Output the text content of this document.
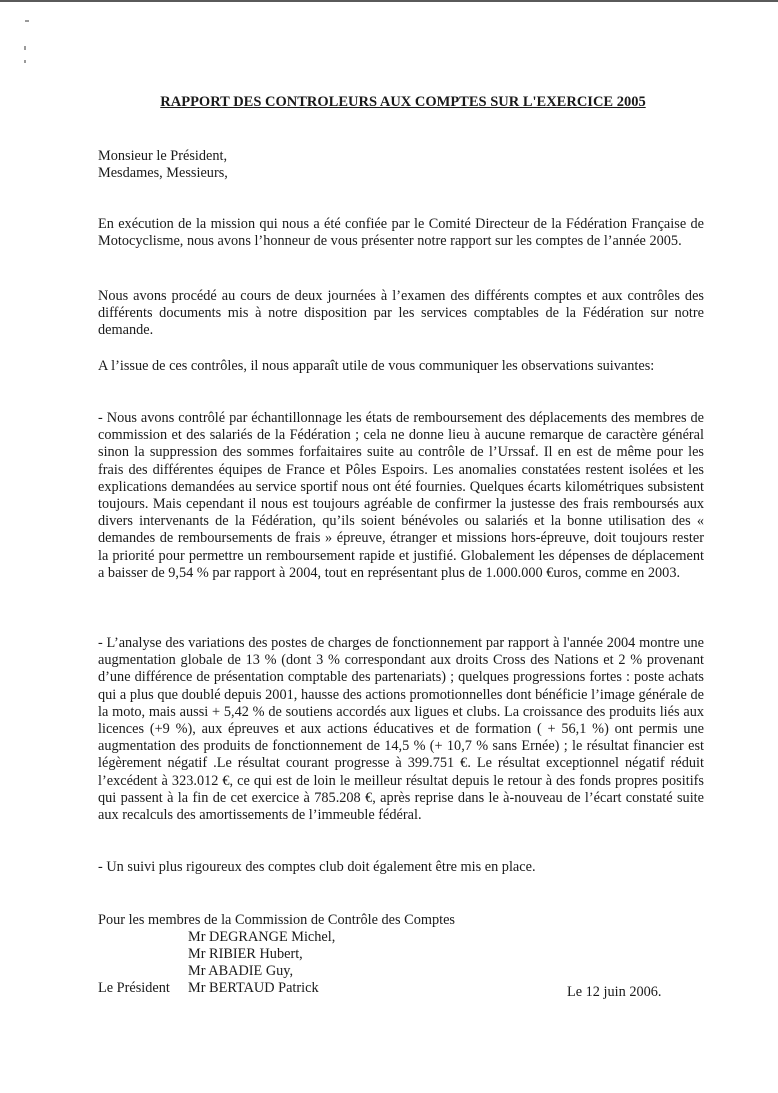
RAPPORT DES CONTROLEURS AUX COMPTES SUR L'EXERCICE 2005
Monsieur le Président,
Mesdames, Messieurs,
En exécution de la mission qui nous a été confiée par le Comité Directeur de la Fédération Française de Motocyclisme, nous avons l’honneur de vous présenter notre rapport sur les comptes de l’année 2005.
Nous avons procédé au cours de deux journées à l’examen des différents comptes et aux contrôles des différents documents mis à notre disposition par les services comptables de la Fédération sur notre demande.
A l’issue de ces contrôles, il nous apparaît utile de vous communiquer les observations suivantes:
- Nous avons contrôlé par échantillonnage les états de remboursement des déplacements des membres de commission et des salariés de la Fédération ; cela ne donne lieu à aucune remarque de caractère général sinon la suppression des sommes forfaitaires suite au contrôle de l’Urssaf. Il en est de même pour les frais des différentes équipes de France et Pôles Espoirs. Les anomalies constatées restent isolées et les explications demandées au service sportif nous ont été fournies. Quelques écarts kilométriques subsistent toujours. Mais cependant il nous est toujours agréable de confirmer la justesse des frais remboursés aux divers intervenants de la Fédération, qu’ils soient bénévoles ou salariés et la bonne utilisation des « demandes de remboursements de frais » épreuve, étranger et missions hors-épreuve, doit toujours rester la priorité pour permettre un remboursement rapide et justifié. Globalement les dépenses de déplacement a baisser de 9,54 % par rapport à 2004, tout en représentant plus de 1.000.000 €uros, comme en 2003.
- L’analyse des variations des postes de charges de fonctionnement par rapport à l'année 2004 montre une augmentation globale de 13 % (dont 3 % correspondant aux droits Cross des Nations et 2 % provenant d’une différence de présentation comptable des partenariats) ; quelques progressions fortes : poste achats qui a plus que doublé depuis 2001, hausse des actions promotionnelles dont bénéficie l’image générale de la moto, mais aussi + 5,42 % de soutiens accordés aux ligues et clubs. La croissance des produits liés aux licences (+9 %), aux épreuves et aux actions éducatives et de formation ( + 56,1 %) ont permis une augmentation des produits de fonctionnement de 14,5 % (+ 10,7 % sans Ernée) ; le résultat financier est légèrement négatif .Le résultat courant progresse à 399.751 €. Le résultat exceptionnel négatif réduit l’excédent à 323.012 €, ce qui est de loin le meilleur résultat depuis le retour à des fonds propres positifs qui passent à la fin de cet exercice à 785.208 €, après reprise dans le à-nouveau de l’écart constaté suite aux recalculs des amortissements de l’immeuble fédéral.
- Un suivi plus rigoureux des comptes club doit également être mis en place.
Pour les membres de la Commission de Contrôle des Comptes
Mr DEGRANGE Michel,
Mr RIBIER Hubert,
Mr ABADIE Guy,
Le Président Mr BERTAUD Patrick	Le 12 juin 2006.
